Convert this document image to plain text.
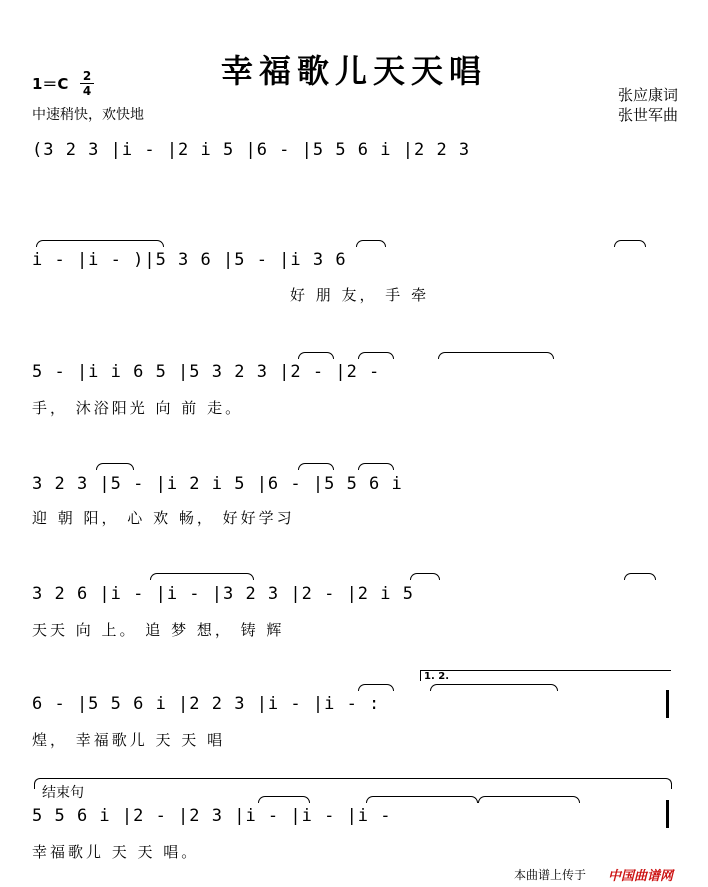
幸福歌儿天天唱
1＝C 2
4
中速稍快，欢快地
张应康词
张世军曲
(3 2 3 |i - |2 i 5 |6 - |5 5 6 i |2 2 3
i - |i - )|5 3 6 |5 - |i 3 6
好 朋 友， 手 牵
5 - |i i 6 5 |5 3 2 3 |2 - |2 -
手， 沐浴阳光 向 前 走。
3 2 3 |5 - |i 2 i 5 |6 - |5 5 6 i
迎 朝 阳， 心 欢 畅， 好好学习
3 2 6 |i - |i - |3 2 3 |2 - |2 i 5
天天 向 上。 追 梦 想， 铸 辉
1. 2.
6 - |5 5 6 i |2 2 3 |i - |i - :
煌， 幸福歌儿 天 天 唱
结束句
5 5 6 i |2 - |2 3 |i - |i - |i -
幸福歌儿 天 天 唱。
本曲谱上传于 中国曲谱网
